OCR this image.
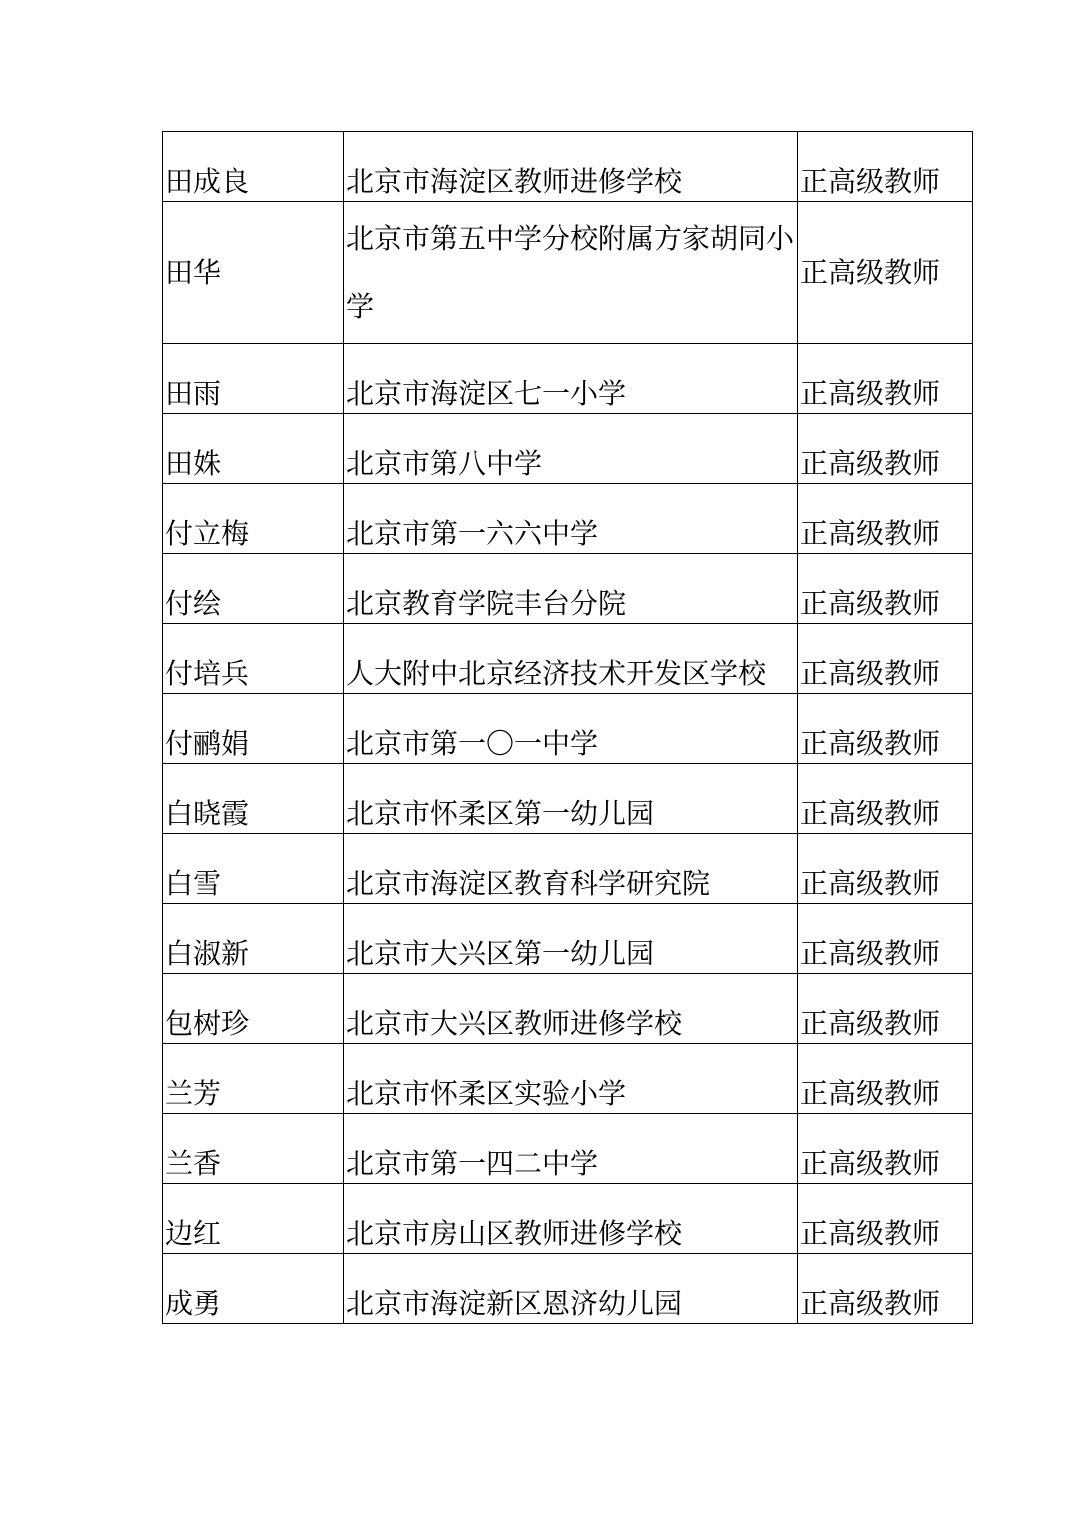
田成良	北京市海淀区教师进修学校	正高级教师
田华	北京市第五中学分校附属方家胡同小学	正高级教师
田雨	北京市海淀区七一小学	正高级教师
田姝	北京市第八中学	正高级教师
付立梅	北京市第一六六中学	正高级教师
付绘	北京教育学院丰台分院	正高级教师
付培兵	人大附中北京经济技术开发区学校	正高级教师
付鹂娟	北京市第一〇一中学	正高级教师
白晓霞	北京市怀柔区第一幼儿园	正高级教师
白雪	北京市海淀区教育科学研究院	正高级教师
白淑新	北京市大兴区第一幼儿园	正高级教师
包树珍	北京市大兴区教师进修学校	正高级教师
兰芳	北京市怀柔区实验小学	正高级教师
兰香	北京市第一四二中学	正高级教师
边红	北京市房山区教师进修学校	正高级教师
成勇	北京市海淀新区恩济幼儿园	正高级教师
